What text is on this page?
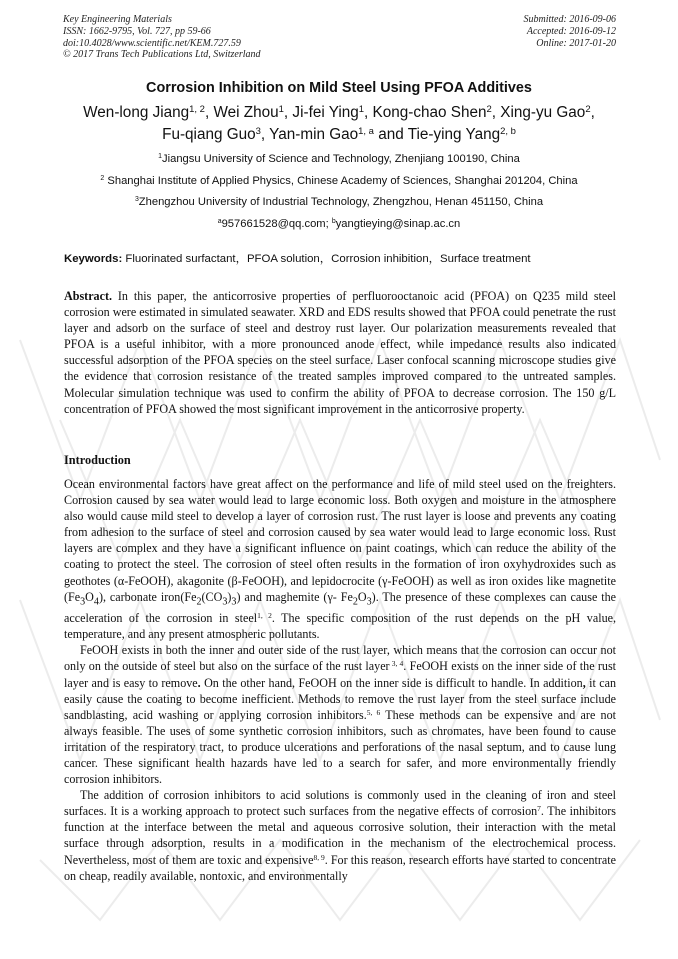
Key Engineering Materials
ISSN: 1662-9795, Vol. 727, pp 59-66
doi:10.4028/www.scientific.net/KEM.727.59
© 2017 Trans Tech Publications Ltd, Switzerland
Submitted: 2016-09-06
Accepted: 2016-09-12
Online: 2017-01-20
Corrosion Inhibition on Mild Steel Using PFOA Additives
Wen-long Jiang$^{1, 2}$, Wei Zhou$^1$, Ji-fei Ying$^1$, Kong-chao Shen$^2$, Xing-yu Gao$^2$,
Fu-qiang Guo$^3$, Yan-min Gao$^{1, a}$ and Tie-ying Yang$^{2, b}$
$^1$Jiangsu University of Science and Technology, Zhenjiang 100190, China
$^2$ Shanghai Institute of Applied Physics, Chinese Academy of Sciences, Shanghai 201204, China
$^3$Zhengzhou University of Industrial Technology, Zhengzhou, Henan 451150, China
$^a$957661528@qq.com; $^b$yangtieying@sinap.ac.cn
Keywords: Fluorinated surfactant，PFOA solution，Corrosion inhibition，Surface treatment

Abstract. In this paper, the anticorrosive properties of perfluorooctanoic acid (PFOA) on Q235 mild steel corrosion were estimated in simulated seawater. XRD and EDS results showed that PFOA could penetrate the rust layer and adsorb on the surface of steel and destroy rust layer. Our polarization measurements revealed that PFOA is a useful inhibitor, with a more pronounced anode effect, while impedance results also indicated successful adsorption of the PFOA species on the steel surface. Laser confocal scanning microscope studies give the evidence that corrosion resistance of the treated samples improved compared to the untreated samples. Molecular simulation technique was used to confirm the ability of PFOA to decrease corrosion. The 150 g/L concentration of PFOA showed the most significant improvement in the anticorrosive property.

Introduction

Ocean environmental factors have great affect on the performance and life of mild steel used on the freighters. Corrosion caused by sea water would lead to large economic loss. Both oxygen and moisture in the atmosphere also would cause mild steel to develop a layer of corrosion rust. The rust layer is loose and prevents any coating from adhesion to the surface of steel and corrosion caused by sea water would lead to large economic loss. Rust layers are complex and they have a significant influence on paint coatings, which can reduce the ability of the coating to protect the steel. The corrosion of steel often results in the formation of iron oxyhydroxides such as geothotes (α-FeOOH), akagonite (β-FeOOH), and lepidocrocite (γ-FeOOH) as well as iron oxides like magnetite $(Fe_3O_4)$, carbonate $iron(Fe_2(CO_3)_3)$ and maghemite (γ- $Fe_2O_3$). The presence of these complexes can cause the acceleration of the corrosion in steel$^{1, 2}$. The specific composition of the rust depends on the pH value, temperature, and any present atmospheric pollutants.

FeOOH exists in both the inner and outer side of the rust layer, which means that the corrosion can occur not only on the outside of steel but also on the surface of the rust layer $^{3, 4}$. FeOOH exists on the inner side of the rust layer and is easy to remove. On the other hand, FeOOH on the inner side is difficult to handle. In addition, it can easily cause the coating to become inefficient. Methods to remove the rust layer from the steel surface include sandblasting, acid washing or applying corrosion inhibitors.$^{5, 6}$ These methods can be expensive and are not always feasible. The uses of some synthetic corrosion inhibitors, such as chromates, have been found to cause irritation of the respiratory tract, to produce ulcerations and perforations of the nasal septum, and to cause lung cancer. These significant health hazards have led to a search for safer, and more environmentally friendly corrosion inhibitors.

The addition of corrosion inhibitors to acid solutions is commonly used in the cleaning of iron and steel surfaces. It is a working approach to protect such surfaces from the negative effects of corrosion$^7$. The inhibitors function at the interface between the metal and aqueous corrosive solution, their interaction with the metal surface through adsorption, results in a modification in the mechanism of the electrochemical process. Nevertheless, most of them are toxic and expensive$^{8, 9}$. For this reason, research efforts have started to concentrate on cheap, readily available, nontoxic, and environmentally
